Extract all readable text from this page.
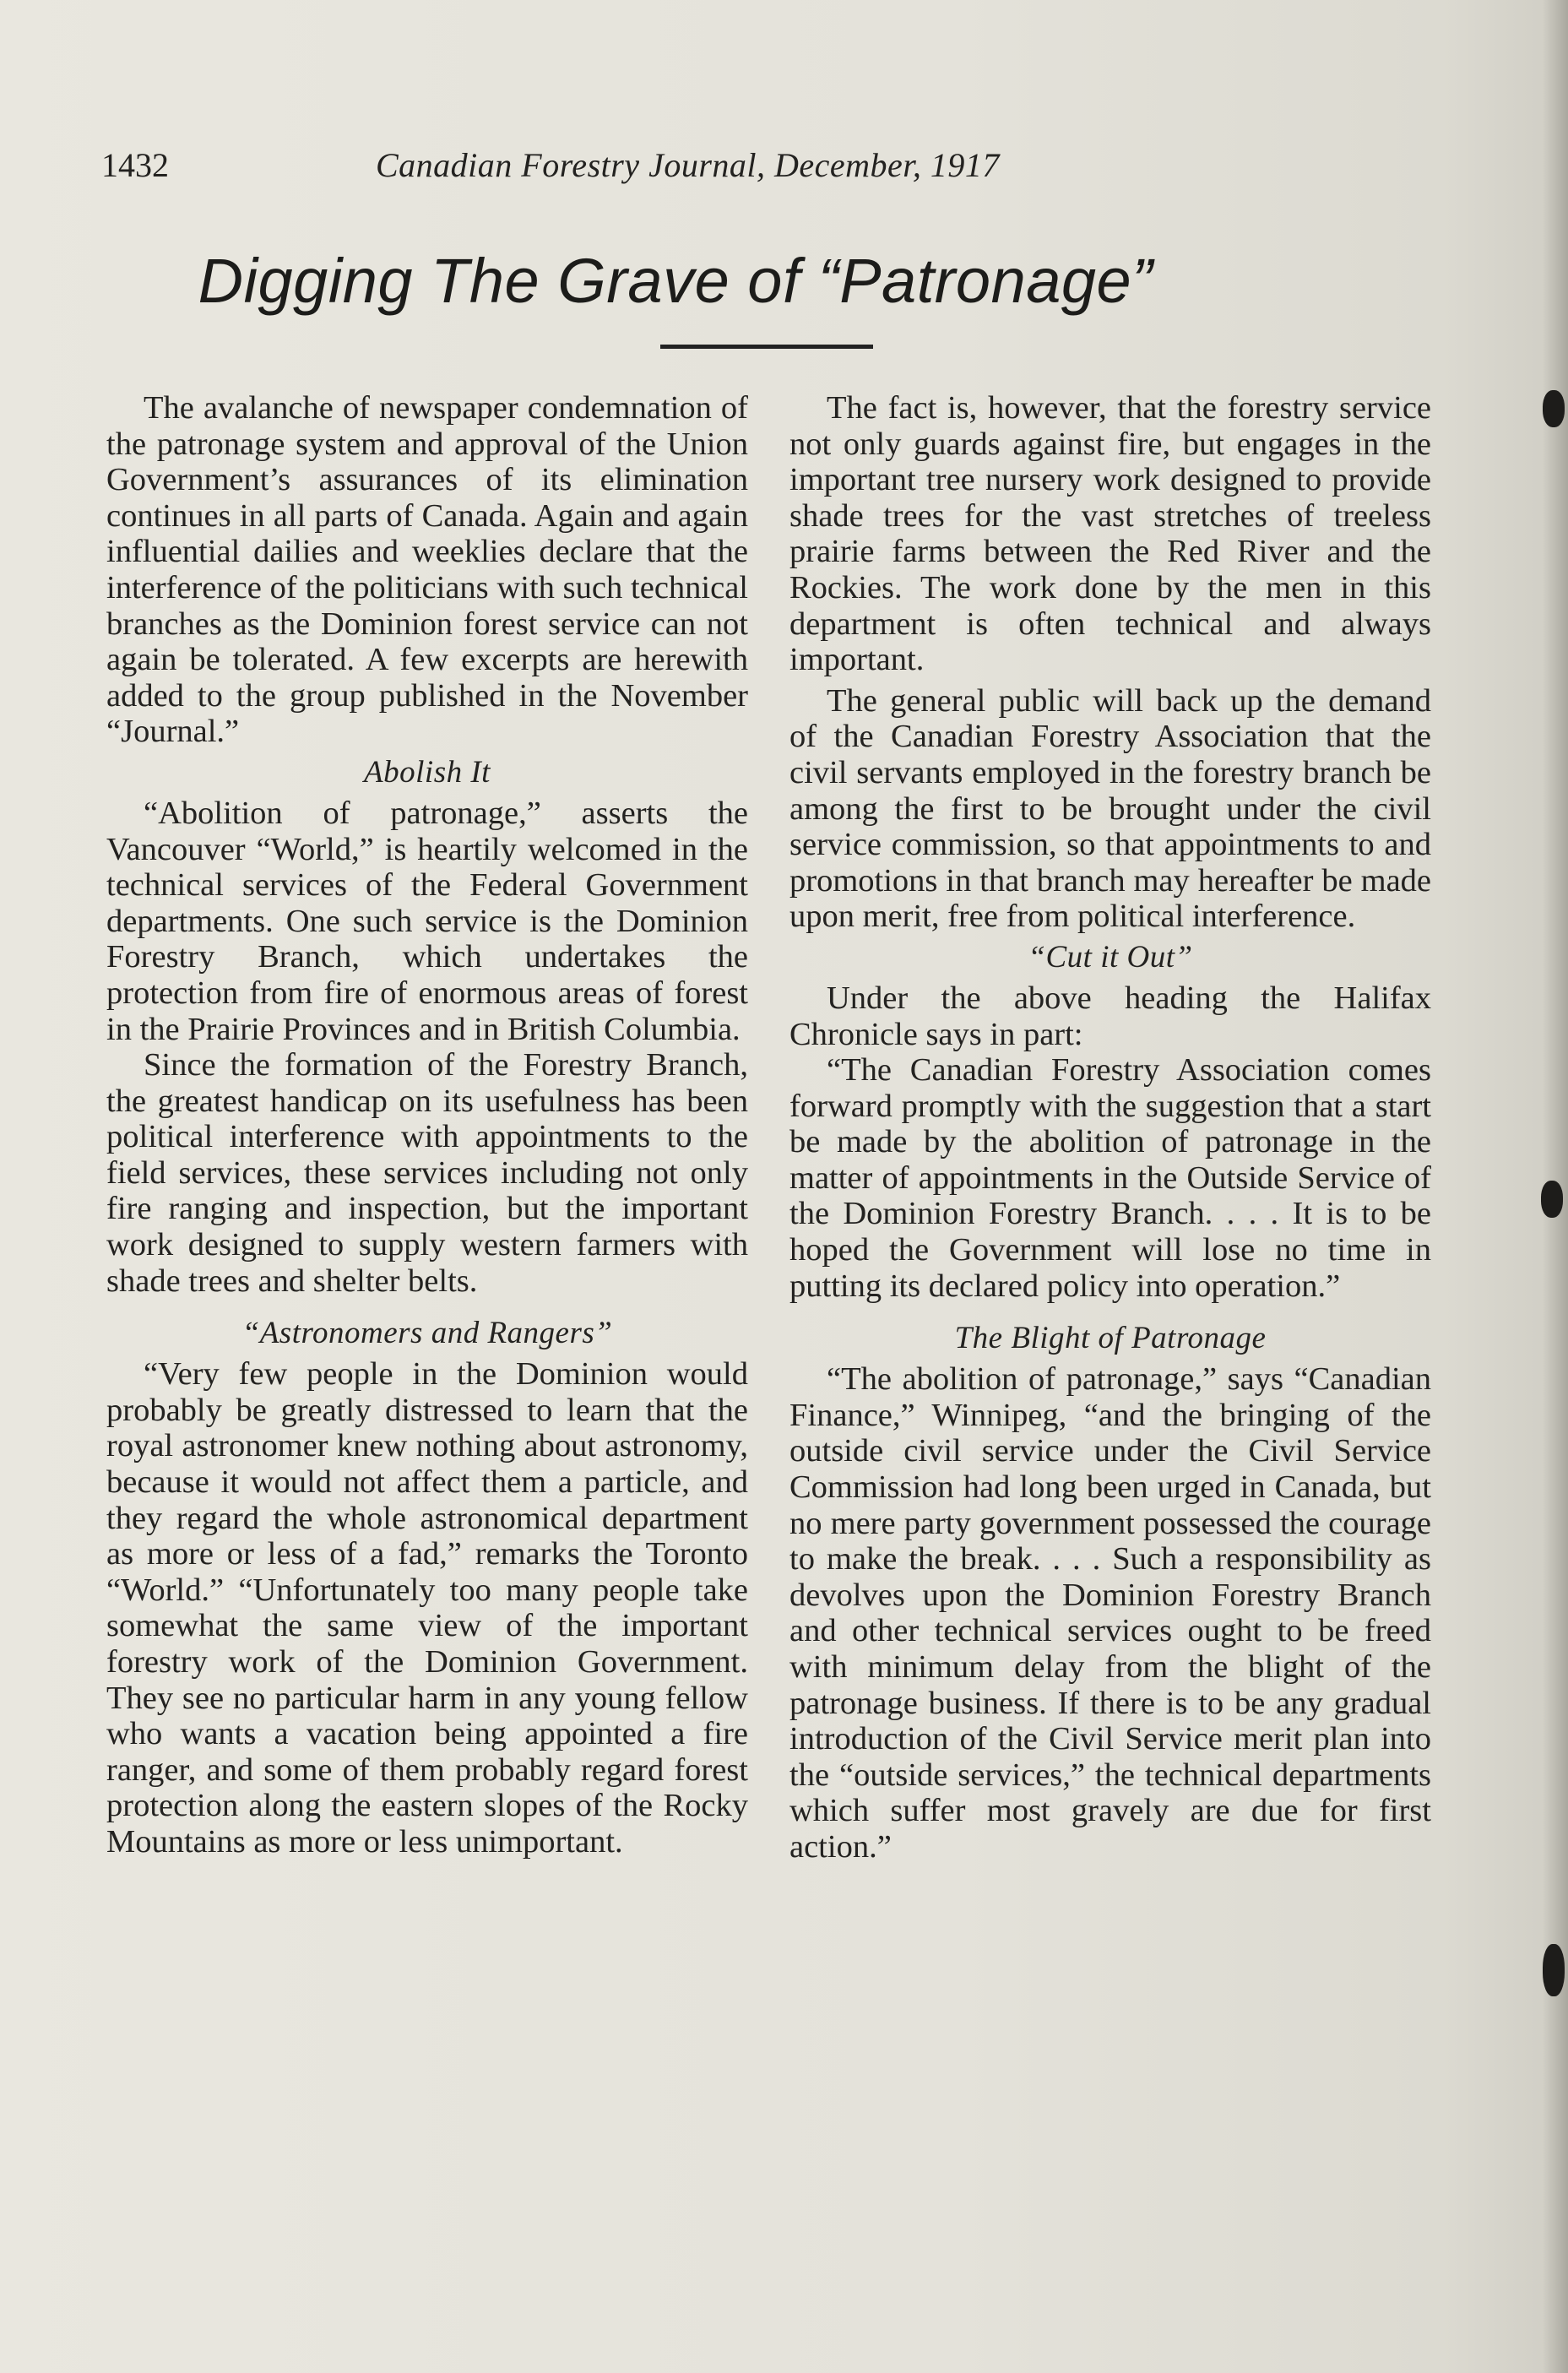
1432	Canadian Forestry Journal, December, 1917
Digging The Grave of “Patronage”

The avalanche of newspaper condemnation of the patronage system and approval of the Union Government’s assurances of its elimination continues in all parts of Canada. Again and again influential dailies and weeklies declare that the interference of the politicians with such technical branches as the Dominion forest service can not again be tolerated. A few excerpts are herewith added to the group published in the November “Journal.”

Abolish It

“Abolition of patronage,” asserts the Vancouver “World,” is heartily welcomed in the technical services of the Federal Government departments. One such service is the Dominion Forestry Branch, which undertakes the protection from fire of enormous areas of forest in the Prairie Provinces and in British Columbia.

Since the formation of the Forestry Branch, the greatest handicap on its usefulness has been political interference with appointments to the field services, these services including not only fire ranging and inspection, but the important work designed to supply western farmers with shade trees and shelter belts.

“Astronomers and Rangers”

“Very few people in the Dominion would probably be greatly distressed to learn that the royal astronomer knew nothing about astronomy, because it would not affect them a particle, and they regard the whole astronomical department as more or less of a fad,” remarks the Toronto “World.” “Unfortunately too many people take somewhat the same view of the important forestry work of the Dominion Government. They see no particular harm in any young fellow who wants a vacation being appointed a fire ranger, and some of them probably regard forest protection along the eastern slopes of the Rocky Mountains as more or less unimportant.

The fact is, however, that the forestry service not only guards against fire, but engages in the important tree nursery work designed to provide shade trees for the vast stretches of treeless prairie farms between the Red River and the Rockies. The work done by the men in this department is often technical and always important.

The general public will back up the demand of the Canadian Forestry Association that the civil servants employed in the forestry branch be among the first to be brought under the civil service commission, so that appointments to and promotions in that branch may hereafter be made upon merit, free from political interference.

“Cut it Out”

Under the above heading the Halifax Chronicle says in part:

“The Canadian Forestry Association comes forward promptly with the suggestion that a start be made by the abolition of patronage in the matter of appointments in the Outside Service of the Dominion Forestry Branch. . . . It is to be hoped the Government will lose no time in putting its declared policy into operation.”

The Blight of Patronage

“The abolition of patronage,” says “Canadian Finance,” Winnipeg, “and the bringing of the outside civil service under the Civil Service Commission had long been urged in Canada, but no mere party government possessed the courage to make the break. . . . Such a responsibility as devolves upon the Dominion Forestry Branch and other technical services ought to be freed with minimum delay from the blight of the patronage business. If there is to be any gradual introduction of the Civil Service merit plan into the “outside services,” the technical departments which suffer most gravely are due for first action.”
